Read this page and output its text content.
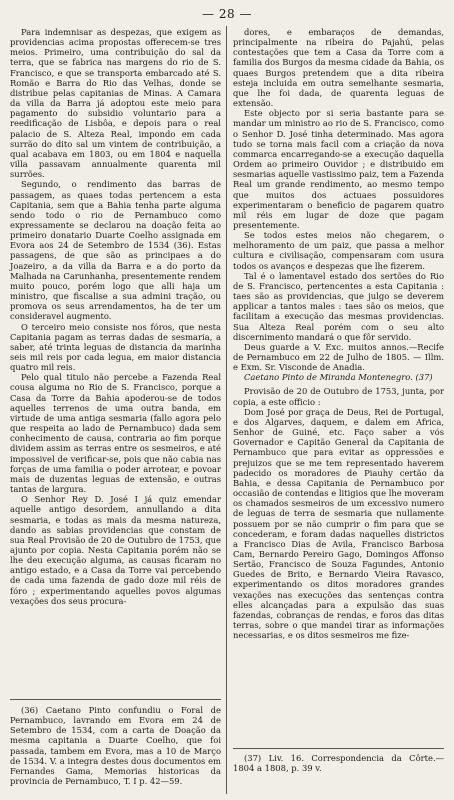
— 28 —

Para indemnisar as despezas, que exigem as providencias acima propostas offerecem-se tres meios. Primeiro, uma contribuição do sal da terra, que se fabrica nas margens do rio de S. Francisco, e que se transporta embarcado até S. Romão e Barra do Rio das Velhas, donde se distribue pelas capitanias de Minas. A Camara da villa da Barra já adoptou este meio para pagamento do subsidio voluntario para a reedificação de Lisbôa, e depois para o real palacio de S. Alteza Real, impondo em cada surrão do dito sal um vintem de contribuição, a qual acabava em 1803, ou em 1804 e naquella villa passavam annualmente quarenta mil surrões.

Segundo, o rendimento das barras de passagem, as quaes todas pertencem a esta Capitania, sem que a Bahia tenha parte alguma sendo todo o rio de Pernambuco como expressamente se declarou na doação feita ao primeiro donatario Duarte Coelho assignada em Evora aos 24 de Setembro de 1534 (36). Estas passagens, de que são as principaes a do Joazeiro, a da villa da Barra e a do porto da Malhada na Carunhanha, presentemente rendem muito pouco, porém logo que alli haja um ministro, que fiscalise a sua admini tração, ou promova os seus arrendamentos, ha de ter um consideravel augmento.

O terceiro meio consiste nos fóros, que nesta Capitania pagam as terras dadas de sesmaria, a saber, até trinta leguas de distancia da marinha seis mil reis por cada legua, em maior distancia quatro mil reis.

Pelo qual titulo não percebe a Fazenda Real cousa alguma no Rio de S. Francisco, porque a Casa da Torre da Bahia apoderou-se de todos aquelles terrenos de uma outra banda, em virtude de uma antiga sesmaria (fallo agora pelo que respeita ao lado de Pernambuco) dada sem conhecimento de causa, contraria ao fim porque dividem assim as terras entre os sesmeiros, e até impossivel de verificar-se, pois que não cabia nas forças de uma familia o poder arrotear, e povoar mais de duzentas leguas de extensão, e outras tantas de largura.

O Senhor Rey D. José I já quiz emendar aquelle antigo desordem, annullando a dita sesmaria, e todas as mais da mesma natureza, dando as sabias providencias que constam de sua Real Provisão de 20 de Outubro de 1753, que ajunto por copia. Nesta Capitania porém não se lhe deu execução alguma, as causas ficaram no antigo estado, e a Casa da Torre vai percebendo de cada uma fazenda de gado doze mil réis de fóro ; experimentando aquelles povos algumas vexações dos seus procura-

(36) Caetano Pinto confundiu o Foral de Pernambuco, lavrando em Evora em 24 de Setembro de 1534, com a carta de Doação da mesma capitania a Duarte Coelho, que foi passada, tambem em Evora, mas a 10 de Março de 1534. V. a integra destes dous documentos em Fernandes Gama, Memorias historicas da provincia de Pernambuco, T. I p. 42—59.

dores, e embaraços de demandas, principalmente na ribeira do Pajahú, pelas contestações que tem a Casa da Torre com a familia dos Burgos da mesma cidade da Bahia, os quaes Burgos pretendem que a dita ribeira esteja incluida em outra semelhante sesmaria, que lhe foi dada, de quarenta leguas de extensão.

Este objecto por si seria bastante para se mandar um ministro ao rio de S. Francisco, como o Senhor D. José tinha determinado. Mas agora tudo se torna mais facil com a criação da nova commarca encarregando-se a execução daquella Ordem ao primeiro Ouvidor ; e distribuido em sesmarias aquelle vastissimo paiz, tem a Fazenda Real um grande rendimento, ao mesmo tempo que muitos dos actuaes possuidores experimentaram o beneficio de pagarem quatro mil réis em lugar de doze que pagam presentemente.

Se todos estes meios não chegarem, o melhoramento de um paiz, que passa a melhor cultura e civilisação, compensaram com usura todos os avanços e despezas que lhe fizerem.

Tal é o lamentavel estado dos sertões do Rio de S. Francisco, pertencentes a esta Capitania : taes são as providencias, que julgo se deverem applicar a tantos males : taes são os meios, que facilitam a execução das mesmas providencias. Sua Alteza Real porém com o seu alto discernimento mandará o que fôr servido.

Deus guarde a V. Exc. muitos annos.—Recife de Pernambuco em 22 de Julho de 1805. — Illm. e Exm. Sr. Visconde de Anadia.

Caetano Pinto de Miranda Montenegro. (37)

Provisão de 20 de Outubro de 1753, junta, por copia, a este officio :

Dom José por graça de Deus, Rei de Portugal, e dos Algarves, daquem, e dalem em Africa, Senhor de Guiné, etc. Faço saber a vós Governador e Capitão General da Capitania de Pernambuco que para evitar as oppressões e prejuizos que se me tem representado haverem padecido os moradores de Piauhy certão da Bahia, e dessa Capitania de Pernambuco por occasião de contendas e litigios que lhe moveram os chamados sesmeiros de um excessivo numero de leguas de terra de sesmaria que nullamente possuem por se não cumprir o fim para que se concederam, e foram dadas naquelles districtos a Francisco Dias de Avila, Francisco Barbosa Cam, Bernardo Pereiro Gago, Domingos Affonso Sertão, Francisco de Souza Fagundes, Antonio Guedes de Brito, e Bernardo Vieira Ravasco, experimentando os ditos moradores grandes vexações nas execuções das sentenças contra elles alcançadas para a expulsão das suas fazendas, cobranças de rendas, e foros das ditas terras, sobre o que mandei tirar as informações necessarias, e os ditos sesmeiros me fize-

(37) Liv. 16. Correspondencia da Côrte.— 1804 a 1808, p. 39 v.
